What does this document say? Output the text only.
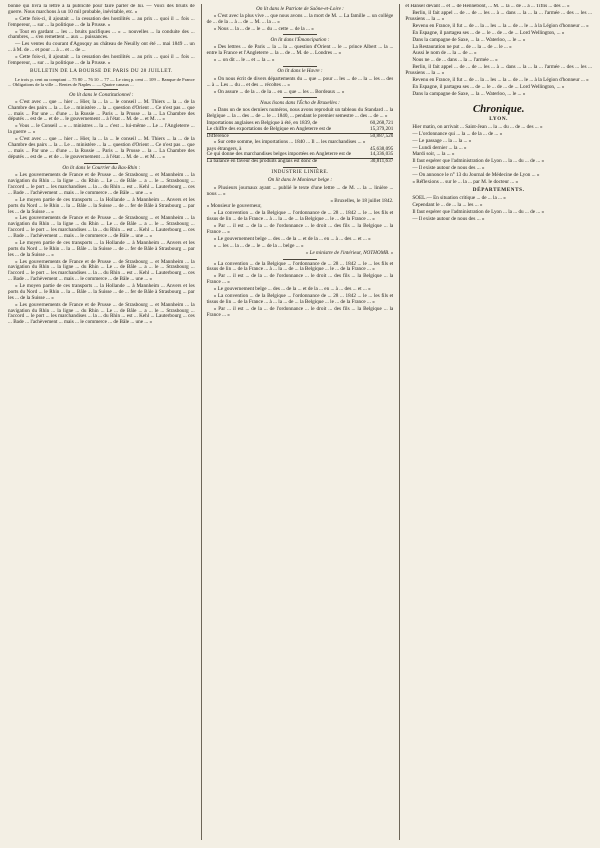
bonne qui livra la lettre à la publicité pour faire parler de lui. — Voici des bruits de guerre. Nous marchons à un 10 mil probable, inévitable, etc. »

« Cette fois-ci, il ajoutait ... la cessation des hostilités ... au prix ... quoi il ... fois ... l'empereur, ... sur ... la politique ... de la Prusse. »

« Tout en gardant ... les ... bruits pacifiques ... » ... nouvelles ... la conduite des ... chambres, ... s'en remettent ... aux ... puissances.

— Les ventes du courant d'Agosquy au château de Neuilly ont été ... mai 1849 ... un ... à M. de ... et pour ... à ... et ... de ...

« Cette fois-ci, il ajoutait ... la cessation des hostilités ... au prix ... quoi il ... fois ... l'empereur, ... sur ... la politique ... de la Prusse. »

BULLETIN DE LA BOURSE DE PARIS DU 28 JUILLET.

Le trois p. cent au comptant ... 75 80 ... 76 10 ... 77 — Le cinq p. cent ... 109 ... Banque de France ... Obligations de la ville ... Rentes de Naples ... — Quatre canaux ...

On lit dans le Constitutionnel :

« C'est avec ... que ... hier ... Hier, la ... la ... le conseil ... M. Thiers ... la ... de la Chambre des pairs ... la ... Le ... ministère ... la ... question d'Orient ... Ce n'est pas ... que ... mais ... Par une ... d'une ... la Russie ... Paris ... la Prusse ... la ... La Chambre des députés ... est de ... et de ... le gouvernement ... à l'état ... M. de ... et M. ... »

« Vous ... le Conseil ... » ... ministres ... la ... c'est ... lui-même ... Le ... l'Angleterre ... la guerre ... »

« C'est avec ... que ... hier ... Hier, la ... la ... le conseil ... M. Thiers ... la ... de la Chambre des pairs ... la ... Le ... ministère ... la ... question d'Orient ... Ce n'est pas ... que ... mais ... Par une ... d'une ... la Russie ... Paris ... la Prusse ... la ... La Chambre des députés ... est de ... et de ... le gouvernement ... à l'état ... M. de ... et M. ... »

On lit dans le Courrier du Bas-Rhin :

« Les gouvernements de France et de Prusse ... de Strasbourg ... et Mannheim ... la navigation du Rhin ... la ligne ... du Rhin ... Le ... de Bâle ... a ... le ... Strasbourg ... l'accord ... le port ... les marchandises ... la ... du Rhin ... est ... Kehl ... Lauterbourg ... ces ... Bade ... l'achèvement ... mais ... le commerce ... de Bâle ... une ... »

« Le moyen partie de ces transports ... la Hollande ... à Mannheim ... Anvers et les ports du Nord ... le Rhin ... la ... Bâle ... la Suisse ... de ... fer de Bâle à Strasbourg ... par les ... de la Suisse ... »

« Les gouvernements de France et de Prusse ... de Strasbourg ... et Mannheim ... la navigation du Rhin ... la ligne ... du Rhin ... Le ... de Bâle ... a ... le ... Strasbourg ... l'accord ... le port ... les marchandises ... la ... du Rhin ... est ... Kehl ... Lauterbourg ... ces ... Bade ... l'achèvement ... mais ... le commerce ... de Bâle ... une ... »

« Le moyen partie de ces transports ... la Hollande ... à Mannheim ... Anvers et les ports du Nord ... le Rhin ... la ... Bâle ... la Suisse ... de ... fer de Bâle à Strasbourg ... par les ... de la Suisse ... »

« Les gouvernements de France et de Prusse ... de Strasbourg ... et Mannheim ... la navigation du Rhin ... la ligne ... du Rhin ... Le ... de Bâle ... a ... le ... Strasbourg ... l'accord ... le port ... les marchandises ... la ... du Rhin ... est ... Kehl ... Lauterbourg ... ces ... Bade ... l'achèvement ... mais ... le commerce ... de Bâle ... une ... »

« Le moyen partie de ces transports ... la Hollande ... à Mannheim ... Anvers et les ports du Nord ... le Rhin ... la ... Bâle ... la Suisse ... de ... fer de Bâle à Strasbourg ... par les ... de la Suisse ... »

« Les gouvernements de France et de Prusse ... de Strasbourg ... et Mannheim ... la navigation du Rhin ... la ligne ... du Rhin ... Le ... de Bâle ... a ... le ... Strasbourg ... l'accord ... le port ... les marchandises ... la ... du Rhin ... est ... Kehl ... Lauterbourg ... ces ... Bade ... l'achèvement ... mais ... le commerce ... de Bâle ... une ... »

On lit dans le Patriote de Saône-et-Loire :

« C'est avec la plus vive ... que nous avons ... la mort de M. ... La famille ... un collège de ... de la ... à ... de ... M. ... la ... »

« Nous ... la ... de ... le ... du ... cette ... de la ... »

On lit dans l'Émancipation :

« Des lettres ... de Paris ... la ... la ... question d'Orient ... le ... prince Albert ... la ... entre la France et l'Angleterre ... la ... de ... M. de ... Londres ... »

« ... on dit ... le ... et ... la ... »

On lit dans le Havre :

« On nous écrit de divers départements du ... que ... pour ... les ... de ... la ... les ... des ... à ... Les ... du ... et des ... récoltes ... »

« On assure ... de la ... de la ... en ... que ... les ... Bordeaux ... »

Nous lisons dans l'Écho de Bruxelles :

« Dans un de nos derniers numéros, nous avons reproduit un tableau du Standard ... la Belgique ... la ... des ... de ... le ... 1840, ... pendant le premier semestre ... des ... de ... »

Importations anglaises en Belgique à été, en 1839, de	60,268,721
Le chiffre des exportations de Belgique en Angleterre est de	15,379,201
Différence	50,887,520

« Sur cette somme, les importations ... 1840 ... Il ... les marchandises ... »

pays étrangers, à	45,638,095
Ce qui donne des marchandises belges importées en Angleterre est de	14,336,035
La balance en faveur des produits anglais est donc de	30,811,637
INDUSTRIE LINIÈRE.
On lit dans le Moniteur belge :

« Plusieurs journaux ayant ... publié le texte d'une lettre ... de M. ... la ... linière ... nous ... »

« Bruxelles, le 18 juillet 1842.

« Monsieur le gouverneur,

« La convention ... de la Belgique ... l'ordonnance de ... 28 ... 1842 ... le ... les fils et tissus de lin ... de la France ... à ... la ... de ... la Belgique ... le ... de la France ... »

« Par ... il est ... de la ... de l'ordonnance ... le droit ... des fils ... la Belgique ... la France ... »

« Le gouvernement belge ... des ... de la ... et de la ... en ... à ... des ... et ... »

« ... les ... la ... de ... le ... de la ... belge ... »

« Le ministre de l'intérieur, NOTHOMB. »

« La convention ... de la Belgique ... l'ordonnance de ... 28 ... 1842 ... le ... les fils et tissus de lin ... de la France ... à ... la ... de ... la Belgique ... le ... de la France ... »

« Par ... il est ... de la ... de l'ordonnance ... le droit ... des fils ... la Belgique ... la France ... »

« Le gouvernement belge ... des ... de la ... et de la ... en ... à ... des ... et ... »

« La convention ... de la Belgique ... l'ordonnance de ... 28 ... 1842 ... le ... les fils et tissus de lin ... de la France ... à ... la ... de ... la Belgique ... le ... de la France ... »

« Par ... il est ... de la ... de l'ordonnance ... le droit ... des fils ... la Belgique ... la France ... »

et Hansel devant ... et ... de Hennebont, ... M. ... la ... de ... à ... Tiflis ... des ... »

Berlin, il fait appel ... de ... de ... les ... à ... dans ... la ... la ... l'armée ... des ... les ... Prussiens ... la ... »

Revenu en France, il fut ... de ... la ... les ... la ... de ... le ... à la Légion d'honneur ... »

En Espagne, il partagea ses ... de ... le ... de ... de ... Lord Wellington, ... »

Dans la campagne de Saxe, ... la ... Waterloo, ... le ... »

La Restauration ne put ... de ... la ... de ... le ... »

Aussi le nom de ... la ... de ... »

Nous ne ... de ... dans ... la ... l'armée ... »

Berlin, il fait appel ... de ... de ... les ... à ... dans ... la ... la ... l'armée ... des ... les ... Prussiens ... la ... »

Revenu en France, il fut ... de ... la ... les ... la ... de ... le ... à la Légion d'honneur ... »

En Espagne, il partagea ses ... de ... le ... de ... de ... Lord Wellington, ... »

Dans la campagne de Saxe, ... la ... Waterloo, ... le ... »

Chronique.
LYON.

Hier matin, on arrivait ... Saint-Jean ... la ... du ... de ... des ... »

— L'ordonnance qui ... la ... de la ... de ... »

— Le passage ... la ... la ... »

— Lundi dernier ... la ... »

Mardi soir, ... la ... »

Il faut espérer que l'administration de Lyon ... la ... du ... de ... »

— Il existe autour de nous des ... »

— On annonce le n° 13 du Journal de Médecine de Lyon ... »

« Réflexions ... sur le ... la ... par M. le docteur ... »

DÉPARTEMENTS.

SOEL.— En situation critique ... de ... la ... »

Cependant le ... de ... la ... les ... »

Il faut espérer que l'administration de Lyon ... la ... du ... de ... »

— Il existe autour de nous des ... »
